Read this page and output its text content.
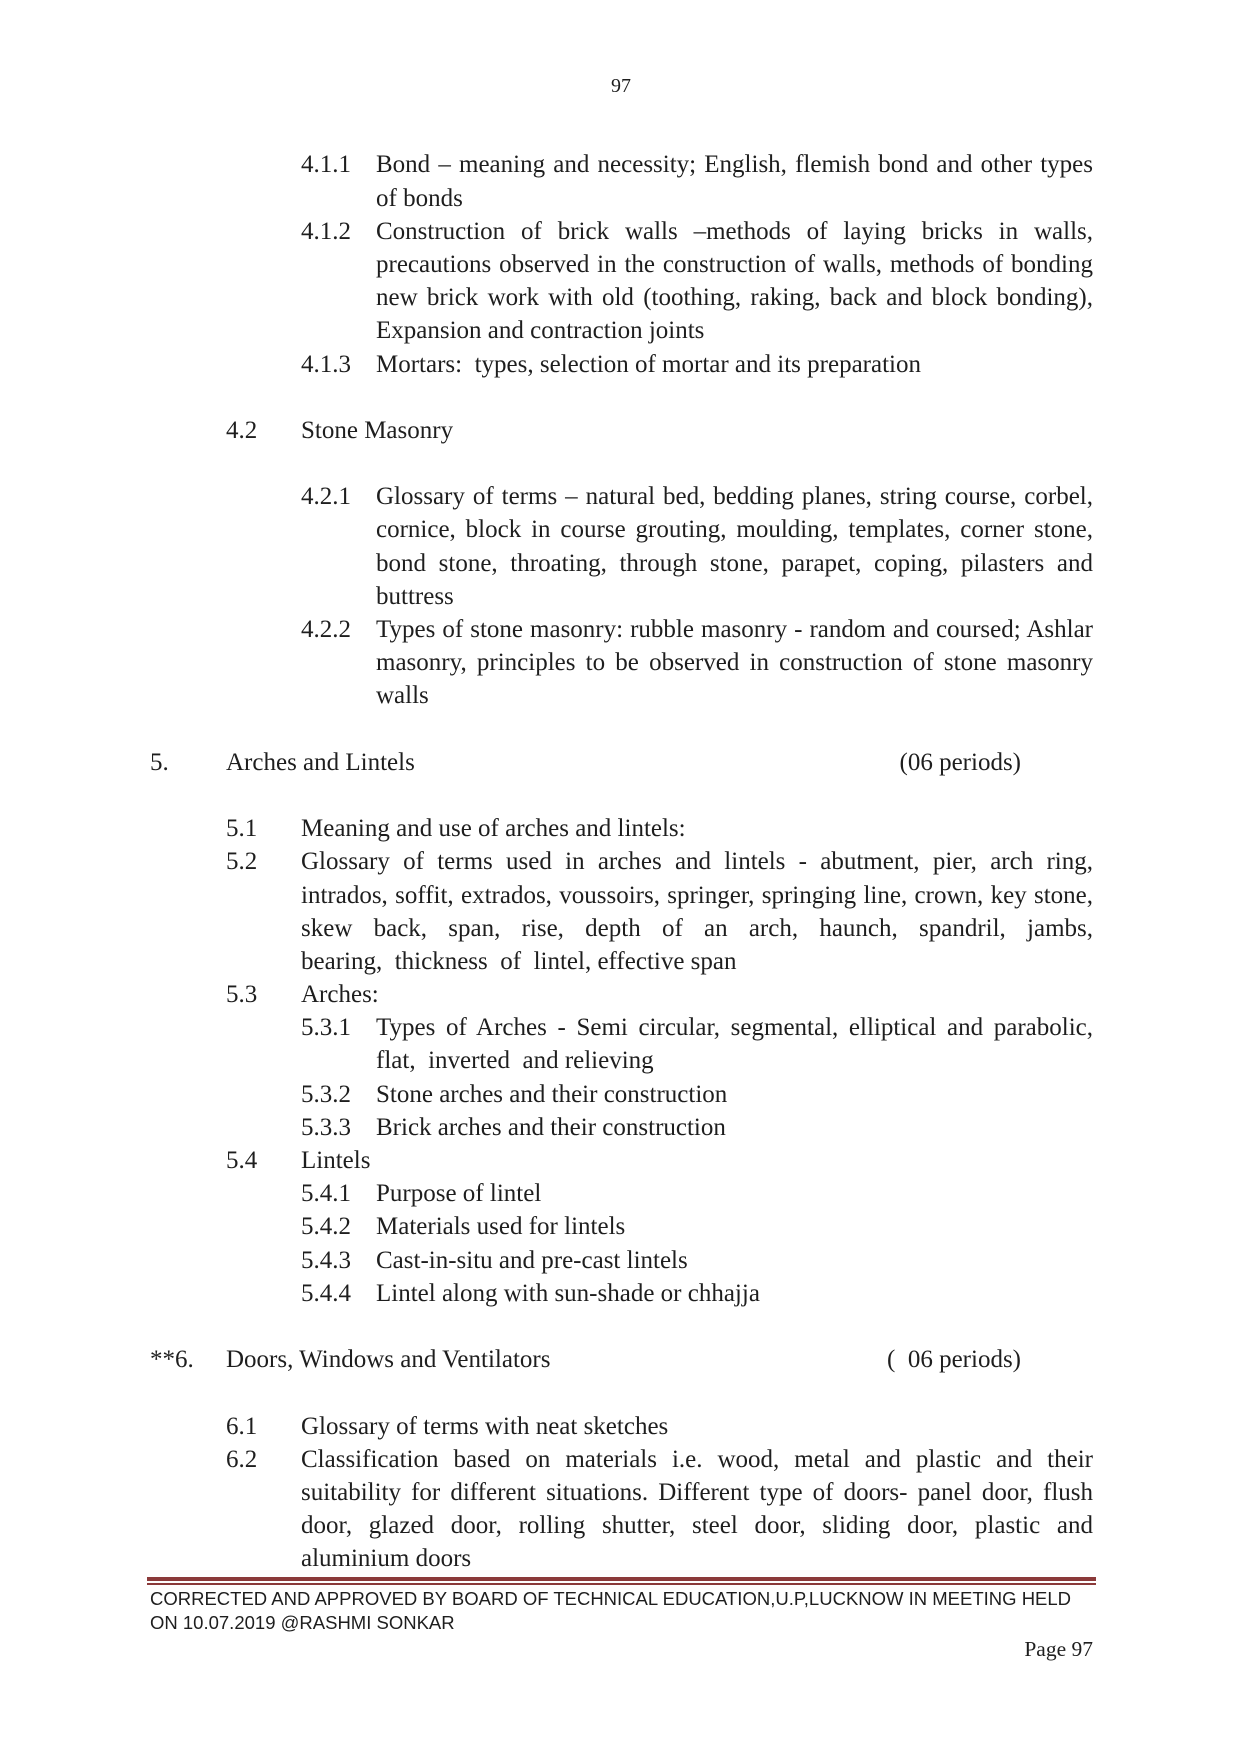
97
4.1.1 Bond – meaning and necessity; English, flemish bond and other types
of bonds
4.1.2 Construction of brick walls –methods of laying bricks in walls,
precautions observed in the construction of walls, methods of bonding
new brick work with old (toothing, raking, back and block bonding),
Expansion and contraction joints
4.1.3 Mortars:  types, selection of mortar and its preparation
4.2 Stone Masonry
4.2.1 Glossary of terms – natural bed, bedding planes, string course, corbel,
cornice, block in course grouting, moulding, templates, corner stone,
bond stone, throating, through stone, parapet, coping, pilasters and
buttress
4.2.2 Types of stone masonry: rubble masonry - random and coursed; Ashlar
masonry, principles to be observed in construction of stone masonry
walls
5. Arches and Lintels	(06 periods)
5.1 Meaning and use of arches and lintels:
5.2 Glossary of terms used in arches and lintels - abutment, pier, arch ring,
intrados, soffit, extrados, voussoirs, springer, springing line, crown, key stone,
skew back, span, rise, depth of an arch, haunch, spandril, jambs,
bearing,  thickness  of  lintel, effective span
5.3 Arches:
5.3.1 Types of Arches - Semi circular, segmental, elliptical and parabolic,
flat,  inverted  and relieving
5.3.2 Stone arches and their construction
5.3.3 Brick arches and their construction
5.4 Lintels
5.4.1 Purpose of lintel
5.4.2 Materials used for lintels
5.4.3 Cast-in-situ and pre-cast lintels
5.4.4 Lintel along with sun-shade or chhajja
**6. Doors, Windows and Ventilators	(  06 periods)
6.1 Glossary of terms with neat sketches
6.2 Classification based on materials i.e. wood, metal and plastic and their
suitability for different situations. Different type of doors- panel door, flush
door, glazed door, rolling shutter, steel door, sliding door, plastic and
aluminium doors
CORRECTED AND APPROVED BY BOARD OF TECHNICAL EDUCATION,U.P,LUCKNOW IN MEETING HELD
ON 10.07.2019 @RASHMI SONKAR
Page 97
